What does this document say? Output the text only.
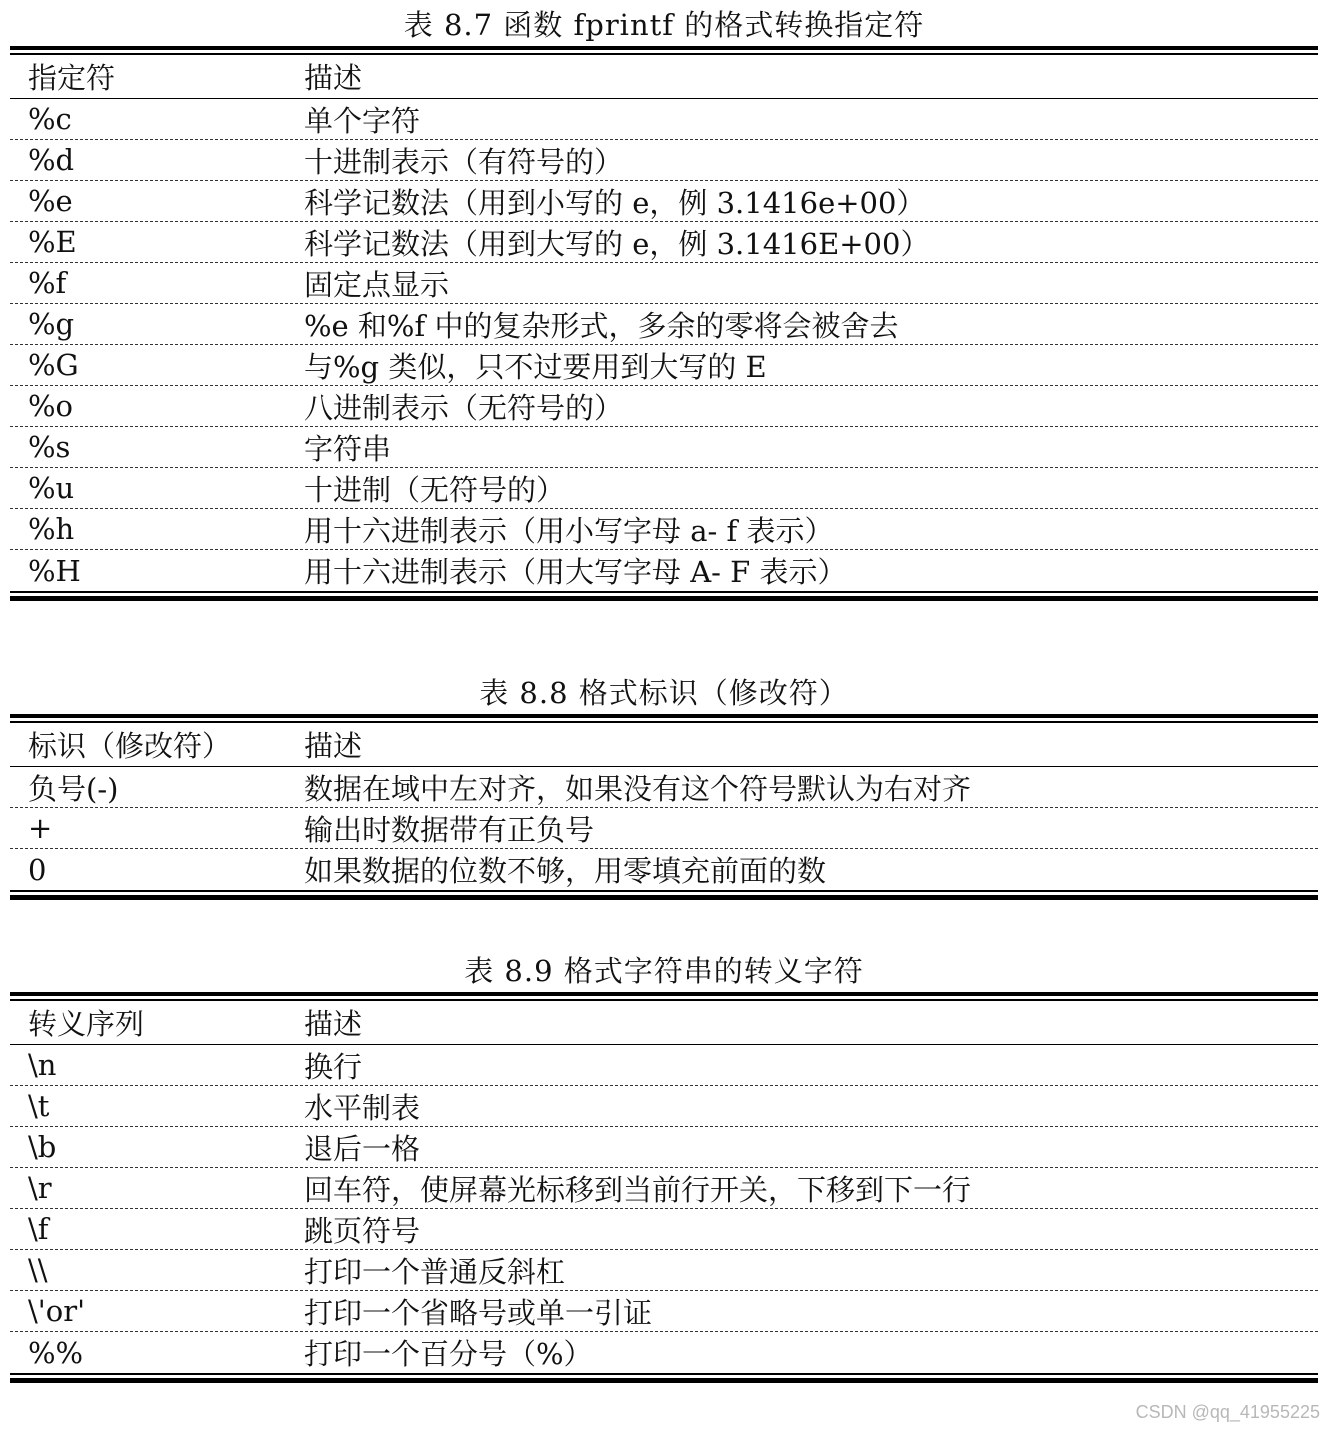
表 8.7 函数 fprintf 的格式转换指定符
指定符	描述
%c	单个字符
%d	十进制表示（有符号的）
%e	科学记数法（用到小写的 e，例 3.1416e+00）
%E	科学记数法（用到大写的 e，例 3.1416E+00）
%f	固定点显示
%g	%e 和%f 中的复杂形式，多余的零将会被舍去
%G	与%g 类似，只不过要用到大写的 E
%o	八进制表示（无符号的）
%s	字符串
%u	十进制（无符号的）
%h	用十六进制表示（用小写字母 a- f 表示）
%H	用十六进制表示（用大写字母 A- F 表示）
表 8.8 格式标识（修改符）
标识（修改符）	描述
负号(-)	数据在域中左对齐，如果没有这个符号默认为右对齐
+	输出时数据带有正负号
0	如果数据的位数不够，用零填充前面的数
表 8.9 格式字符串的转义字符
转义序列	描述
\n	换行
\t	水平制表
\b	退后一格
\r	回车符，使屏幕光标移到当前行开关，下移到下一行
\f	跳页符号
\\	打印一个普通反斜杠
\'or'	打印一个省略号或单一引证
%%	打印一个百分号（%）
CSDN @qq_41955225
